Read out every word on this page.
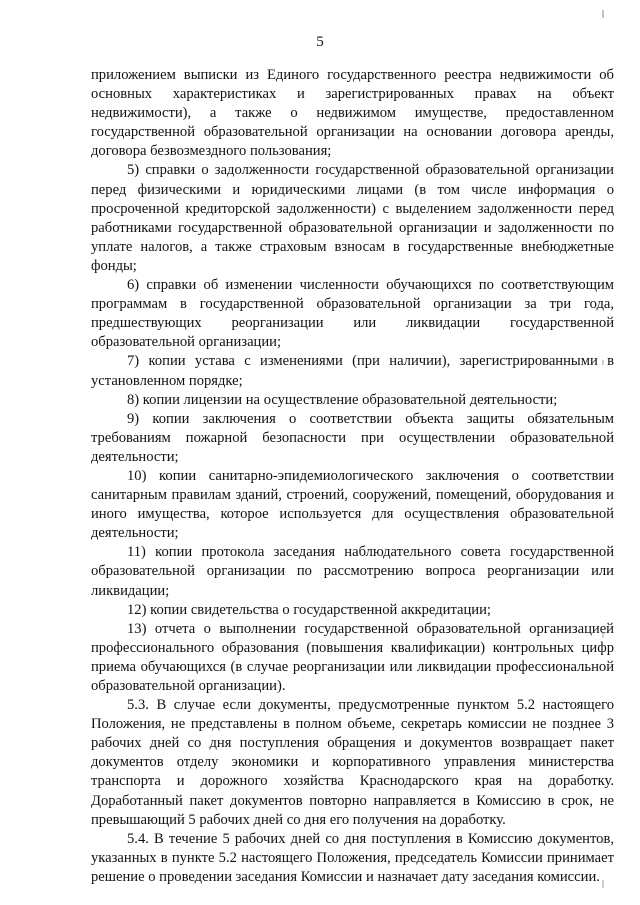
5

приложением выписки из Единого государственного реестра недвижимости об основных характеристиках и зарегистрированных правах на объект недвижимости), а также о недвижимом имуществе, предоставленном государственной образовательной организации на основании договора аренды, договора безвозмездного пользования;

5) справки о задолженности государственной образовательной организации перед физическими и юридическими лицами (в том числе информация о просроченной кредиторской задолженности) с выделением задолженности перед работниками государственной образовательной организации и задолженности по уплате налогов, а также страховым взносам в государственные внебюджетные фонды;

6) справки об изменении численности обучающихся по соответствующим программам в государственной образовательной организации за три года, предшествующих реорганизации или ликвидации государственной образовательной организации;

7) копии устава с изменениями (при наличии), зарегистрированными в установленном порядке;

8) копии лицензии на осуществление образовательной деятельности;

9) копии заключения о соответствии объекта защиты обязательным требованиям пожарной безопасности при осуществлении образовательной деятельности;

10) копии санитарно-эпидемиологического заключения о соответствии санитарным правилам зданий, строений, сооружений, помещений, оборудования и иного имущества, которое используется для осуществления образовательной деятельности;

11) копии протокола заседания наблюдательного совета государственной образовательной организации по рассмотрению вопроса реорганизации или ликвидации;

12) копии свидетельства о государственной аккредитации;

13) отчета о выполнении государственной образовательной организацией профессионального образования (повышения квалификации) контрольных цифр приема обучающихся (в случае реорганизации или ликвидации профессиональной образовательной организации).

5.3. В случае если документы, предусмотренные пунктом 5.2 настоящего Положения, не представлены в полном объеме, секретарь комиссии не позднее 3 рабочих дней со дня поступления обращения и документов возвращает пакет документов отделу экономики и корпоративного управления министерства транспорта и дорожного хозяйства Краснодарского края на доработку. Доработанный пакет документов повторно направляется в Комиссию в срок, не превышающий 5 рабочих дней со дня его получения на доработку.

5.4. В течение 5 рабочих дней со дня поступления в Комиссию документов, указанных в пункте 5.2 настоящего Положения, председатель Комиссии принимает решение о проведении заседания Комиссии и назначает дату заседания комиссии.
